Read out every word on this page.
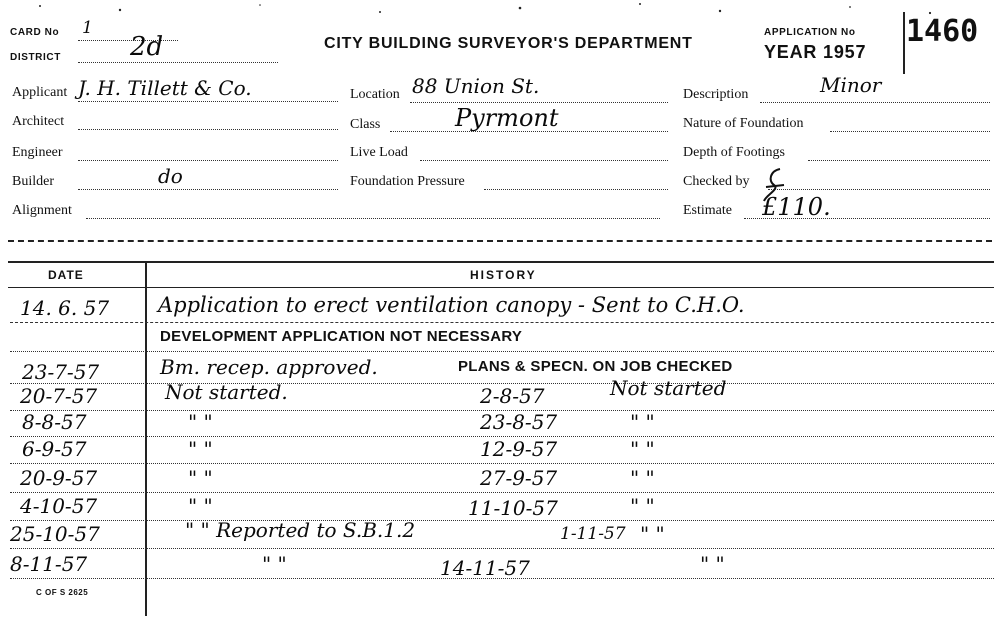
CARD No 1
DISTRICT	2d	CITY BUILDING SURVEYOR'S DEPARTMENT
APPLICATION No 1460
YEAR 1957
Applicant J. H. Tillett & Co.
Architect
Engineer
Builder	do
Alignment
Location 88 Union St.
Class	Pyrmont
Live Load
Foundation Pressure
Description	Minor
Nature of Foundation
Depth of Footings
Checked by
Estimate £110.
DATE	HISTORY
14. 6. 57 Application to erect ventilation canopy - Sent to C.H.O.
DEVELOPMENT APPLICATION NOT NECESSARY
23-7-57	Bm. recep. approved.	PLANS & SPECN. ON JOB CHECKED
20-7-57	Not started.	2-8-57	Not started
8-8-57	" "	23-8-57	" "
6-9-57	" "	12-9-57	" "
20-9-57	" "	27-9-57	" "
4-10-57	" "	11-10-57	" "
25-10-57	" " Reported to S.B.1.2	1-11-57 " "
8-11-57	" "	14-11-57	" "
C OF S 2625
